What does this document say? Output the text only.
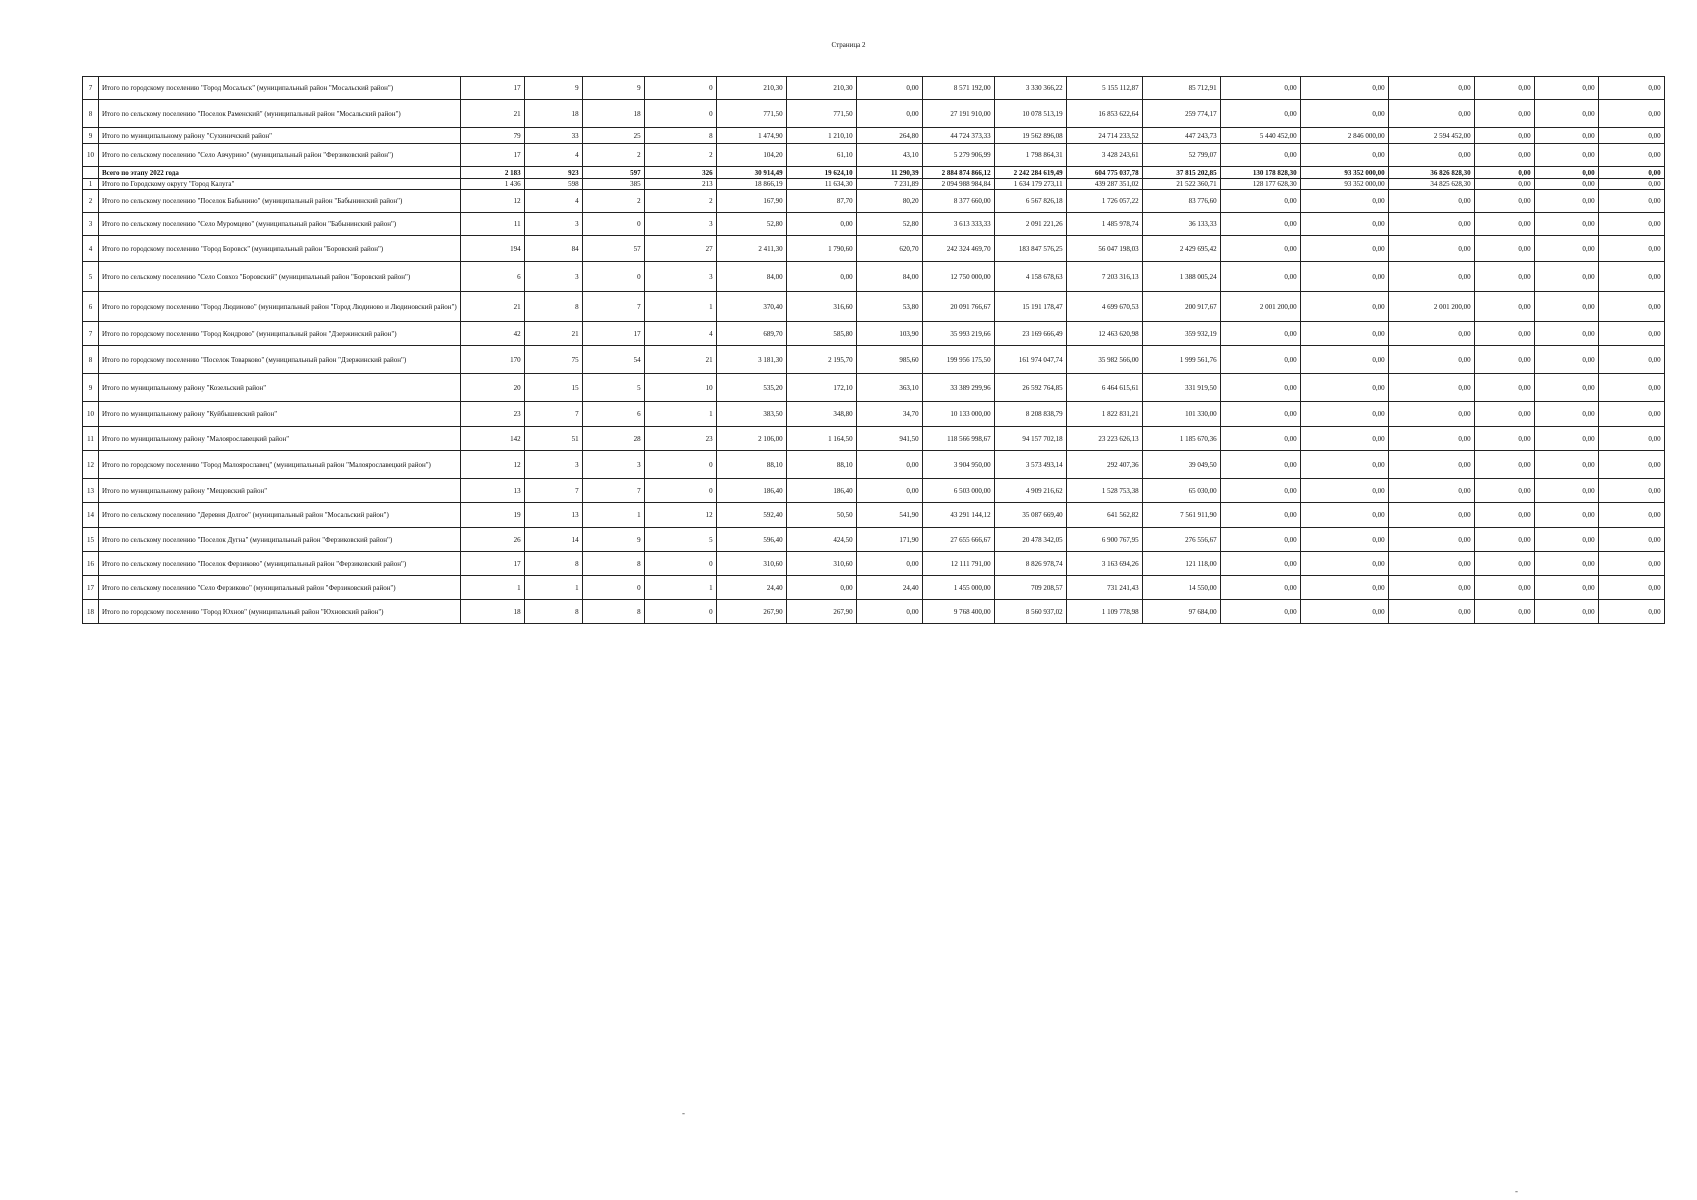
Страница 2
7	Итого по городскому поселению "Город Мосальск" (муниципальный район "Мосальский район")	17	9	9	0	210,30	210,30	0,00	8 571 192,00	3 330 366,22	5 155 112,87	85 712,91	0,00	0,00	0,00	0,00	0,00	0,00
8	Итого по сельскому поселению "Поселок Раменский" (муниципальный район "Мосальский район")	21	18	18	0	771,50	771,50	0,00	27 191 910,00	10 078 513,19	16 853 622,64	259 774,17	0,00	0,00	0,00	0,00	0,00	0,00
9	Итого по муниципальному району "Сухиничский район"	79	33	25	8	1 474,90	1 210,10	264,80	44 724 373,33	19 562 896,08	24 714 233,52	447 243,73	5 440 452,00	2 846 000,00	2 594 452,00	0,00	0,00	0,00
10	Итого по сельскому поселению "Село Авчурино" (муниципальный район "Ферзиковский район")	17	4	2	2	104,20	61,10	43,10	5 279 906,99	1 798 864,31	3 428 243,61	52 799,07	0,00	0,00	0,00	0,00	0,00	0,00
	Всего по этапу 2022 года	2 183	923	597	326	30 914,49	19 624,10	11 290,39	2 884 874 866,12	2 242 284 619,49	604 775 037,78	37 815 202,85	130 178 828,30	93 352 000,00	36 826 828,30	0,00	0,00	0,00
1	Итого по Городскому округу "Город Калуга"	1 436	598	385	213	18 866,19	11 634,30	7 231,89	2 094 988 984,84	1 634 179 273,11	439 287 351,02	21 522 360,71	128 177 628,30	93 352 000,00	34 825 628,30	0,00	0,00	0,00
2	Итого по сельскому поселению "Поселок Бабынино" (муниципальный район "Бабынинский район")	12	4	2	2	167,90	87,70	80,20	8 377 660,00	6 567 826,18	1 726 057,22	83 776,60	0,00	0,00	0,00	0,00	0,00	0,00
3	Итого по сельскому поселению "Село Муромцево" (муниципальный район "Бабынинский район")	11	3	0	3	52,80	0,00	52,80	3 613 333,33	2 091 221,26	1 485 978,74	36 133,33	0,00	0,00	0,00	0,00	0,00	0,00
4	Итого по городскому поселению "Город Боровск" (муниципальный район "Боровский район")	194	84	57	27	2 411,30	1 790,60	620,70	242 324 469,70	183 847 576,25	56 047 198,03	2 429 695,42	0,00	0,00	0,00	0,00	0,00	0,00
5	Итого по сельскому поселению "Село Совхоз "Боровский" (муниципальный район "Боровский район")	6	3	0	3	84,00	0,00	84,00	12 750 000,00	4 158 678,63	7 203 316,13	1 388 005,24	0,00	0,00	0,00	0,00	0,00	0,00
6	Итого по городскому поселению "Город Людиново" (муниципальный район "Город Людиново и Людиновский район")	21	8	7	1	370,40	316,60	53,80	20 091 766,67	15 191 178,47	4 699 670,53	200 917,67	2 001 200,00	0,00	2 001 200,00	0,00	0,00	0,00
7	Итого по городскому поселению "Город Кондрово" (муниципальный район "Дзержинский район")	42	21	17	4	689,70	585,80	103,90	35 993 219,66	23 169 666,49	12 463 620,98	359 932,19	0,00	0,00	0,00	0,00	0,00	0,00
8	Итого по городскому поселению "Поселок Товарково" (муниципальный район "Дзержинский район")	170	75	54	21	3 181,30	2 195,70	985,60	199 956 175,50	161 974 047,74	35 982 566,00	1 999 561,76	0,00	0,00	0,00	0,00	0,00	0,00
9	Итого по муниципальному району "Козельский район"	20	15	5	10	535,20	172,10	363,10	33 389 299,96	26 592 764,85	6 464 615,61	331 919,50	0,00	0,00	0,00	0,00	0,00	0,00
10	Итого по муниципальному району "Куйбышевский район"	23	7	6	1	383,50	348,80	34,70	10 133 000,00	8 208 838,79	1 822 831,21	101 330,00	0,00	0,00	0,00	0,00	0,00	0,00
11	Итого по муниципальному району "Малоярославецкий район"	142	51	28	23	2 106,00	1 164,50	941,50	118 566 998,67	94 157 702,18	23 223 626,13	1 185 670,36	0,00	0,00	0,00	0,00	0,00	0,00
12	Итого по городскому поселению "Город Малоярославец" (муниципальный район "Малоярославецкий район")	12	3	3	0	88,10	88,10	0,00	3 904 950,00	3 573 493,14	292 407,36	39 049,50	0,00	0,00	0,00	0,00	0,00	0,00
13	Итого по муниципальному району "Мещовский район"	13	7	7	0	186,40	186,40	0,00	6 503 000,00	4 909 216,62	1 528 753,38	65 030,00	0,00	0,00	0,00	0,00	0,00	0,00
14	Итого по сельскому поселению "Деревня Долгое" (муниципальный район "Мосальский район")	19	13	1	12	592,40	50,50	541,90	43 291 144,12	35 087 669,40	641 562,82	7 561 911,90	0,00	0,00	0,00	0,00	0,00	0,00
15	Итого по сельскому поселению "Поселок Дугна" (муниципальный район "Ферзиковский район")	26	14	9	5	596,40	424,50	171,90	27 655 666,67	20 478 342,05	6 900 767,95	276 556,67	0,00	0,00	0,00	0,00	0,00	0,00
16	Итого по сельскому поселению "Поселок Ферзиково" (муниципальный район "Ферзиковский район")	17	8	8	0	310,60	310,60	0,00	12 111 791,00	8 826 978,74	3 163 694,26	121 118,00	0,00	0,00	0,00	0,00	0,00	0,00
17	Итого по сельскому поселению "Село Ферзиково" (муниципальный район "Ферзиковский район")	1	1	0	1	24,40	0,00	24,40	1 455 000,00	709 208,57	731 241,43	14 550,00	0,00	0,00	0,00	0,00	0,00	0,00
18	Итого по городскому поселению "Город Юхнов" (муниципальный район "Юхновский район")	18	8	8	0	267,90	267,90	0,00	9 768 400,00	8 560 937,02	1 109 778,98	97 684,00	0,00	0,00	0,00	0,00	0,00	0,00
-
-
